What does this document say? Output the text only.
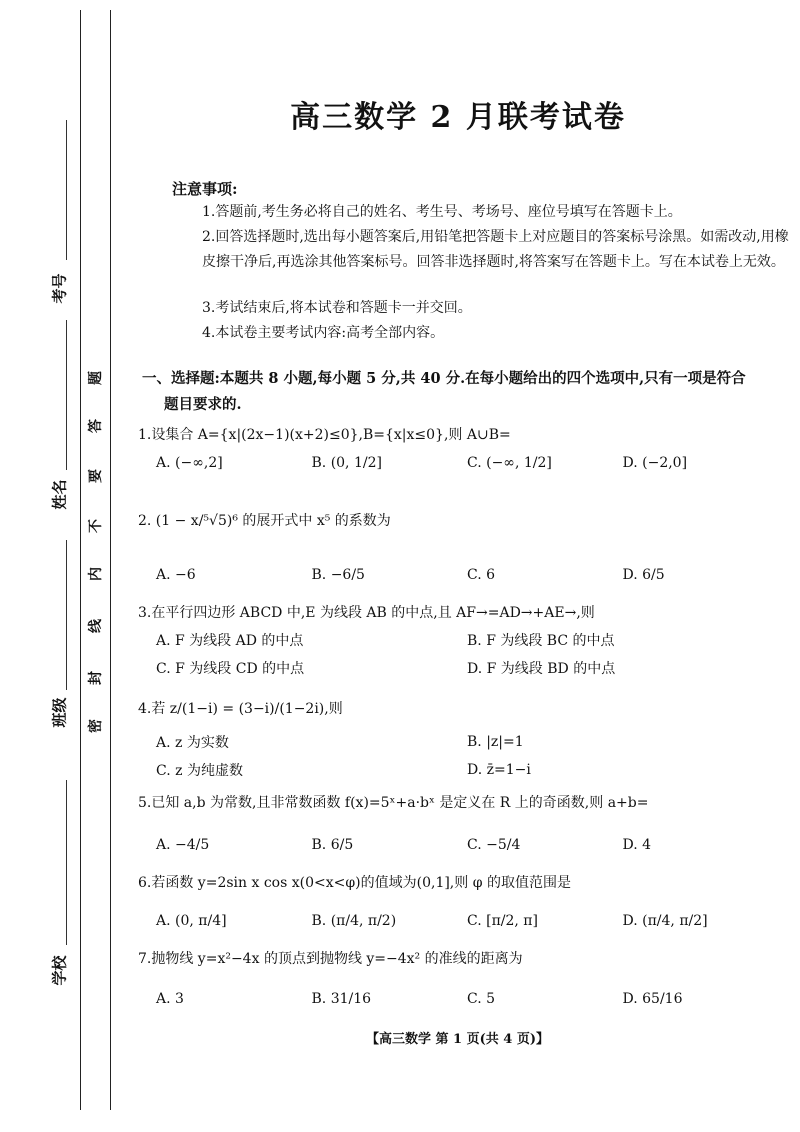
考号
姓名
班级
学校
题
答
要
不
内
线
封
密
高三数学 2 月联考试卷
注意事项:

1.答题前,考生务必将自己的姓名、考生号、考场号、座位号填写在答题卡上。

2.回答选择题时,选出每小题答案后,用铅笔把答题卡上对应题目的答案标号涂黑。如需改动,用橡皮擦干净后,再选涂其他答案标号。回答非选择题时,将答案写在答题卡上。写在本试卷上无效。

3.考试结束后,将本试卷和答题卡一并交回。

4.本试卷主要考试内容:高考全部内容。

一、选择题:本题共 8 小题,每小题 5 分,共 40 分.在每小题给出的四个选项中,只有一项是符合
题目要求的.

1.设集合 A={x|(2x−1)(x+2)≤0},B={x|x≤0},则 A∪B=

A. (−∞,2]	B. (0, 1/2]	C. (−∞, 1/2]	D. (−2,0]

2. (1 − x/⁵√5)⁶ 的展开式中 x⁵ 的系数为

A. −6	B. −6/5	C. 6	D. 6/5

3.在平行四边形 ABCD 中,E 为线段 AB 的中点,且 AF→=AD→+AE→,则

A. F 为线段 AD 的中点	B. F 为线段 BC 的中点
C. F 为线段 CD 的中点	D. F 为线段 BD 的中点

4.若 z/(1−i) = (3−i)/(1−2i),则

A. z 为实数	B. |z|=1
C. z 为纯虚数	D. z̄=1−i

5.已知 a,b 为常数,且非常数函数 f(x)=5ˣ+a·bˣ 是定义在 R 上的奇函数,则 a+b=

A. −4/5	B. 6/5	C. −5/4	D. 4

6.若函数 y=2sin x cos x(0<x<φ)的值域为(0,1],则 φ 的取值范围是

A. (0, π/4]	B. (π/4, π/2)	C. [π/2, π]	D. (π/4, π/2]

7.抛物线 y=x²−4x 的顶点到抛物线 y=−4x² 的准线的距离为

A. 3	B. 31/16	C. 5	D. 65/16
【高三数学 第 1 页(共 4 页)】
